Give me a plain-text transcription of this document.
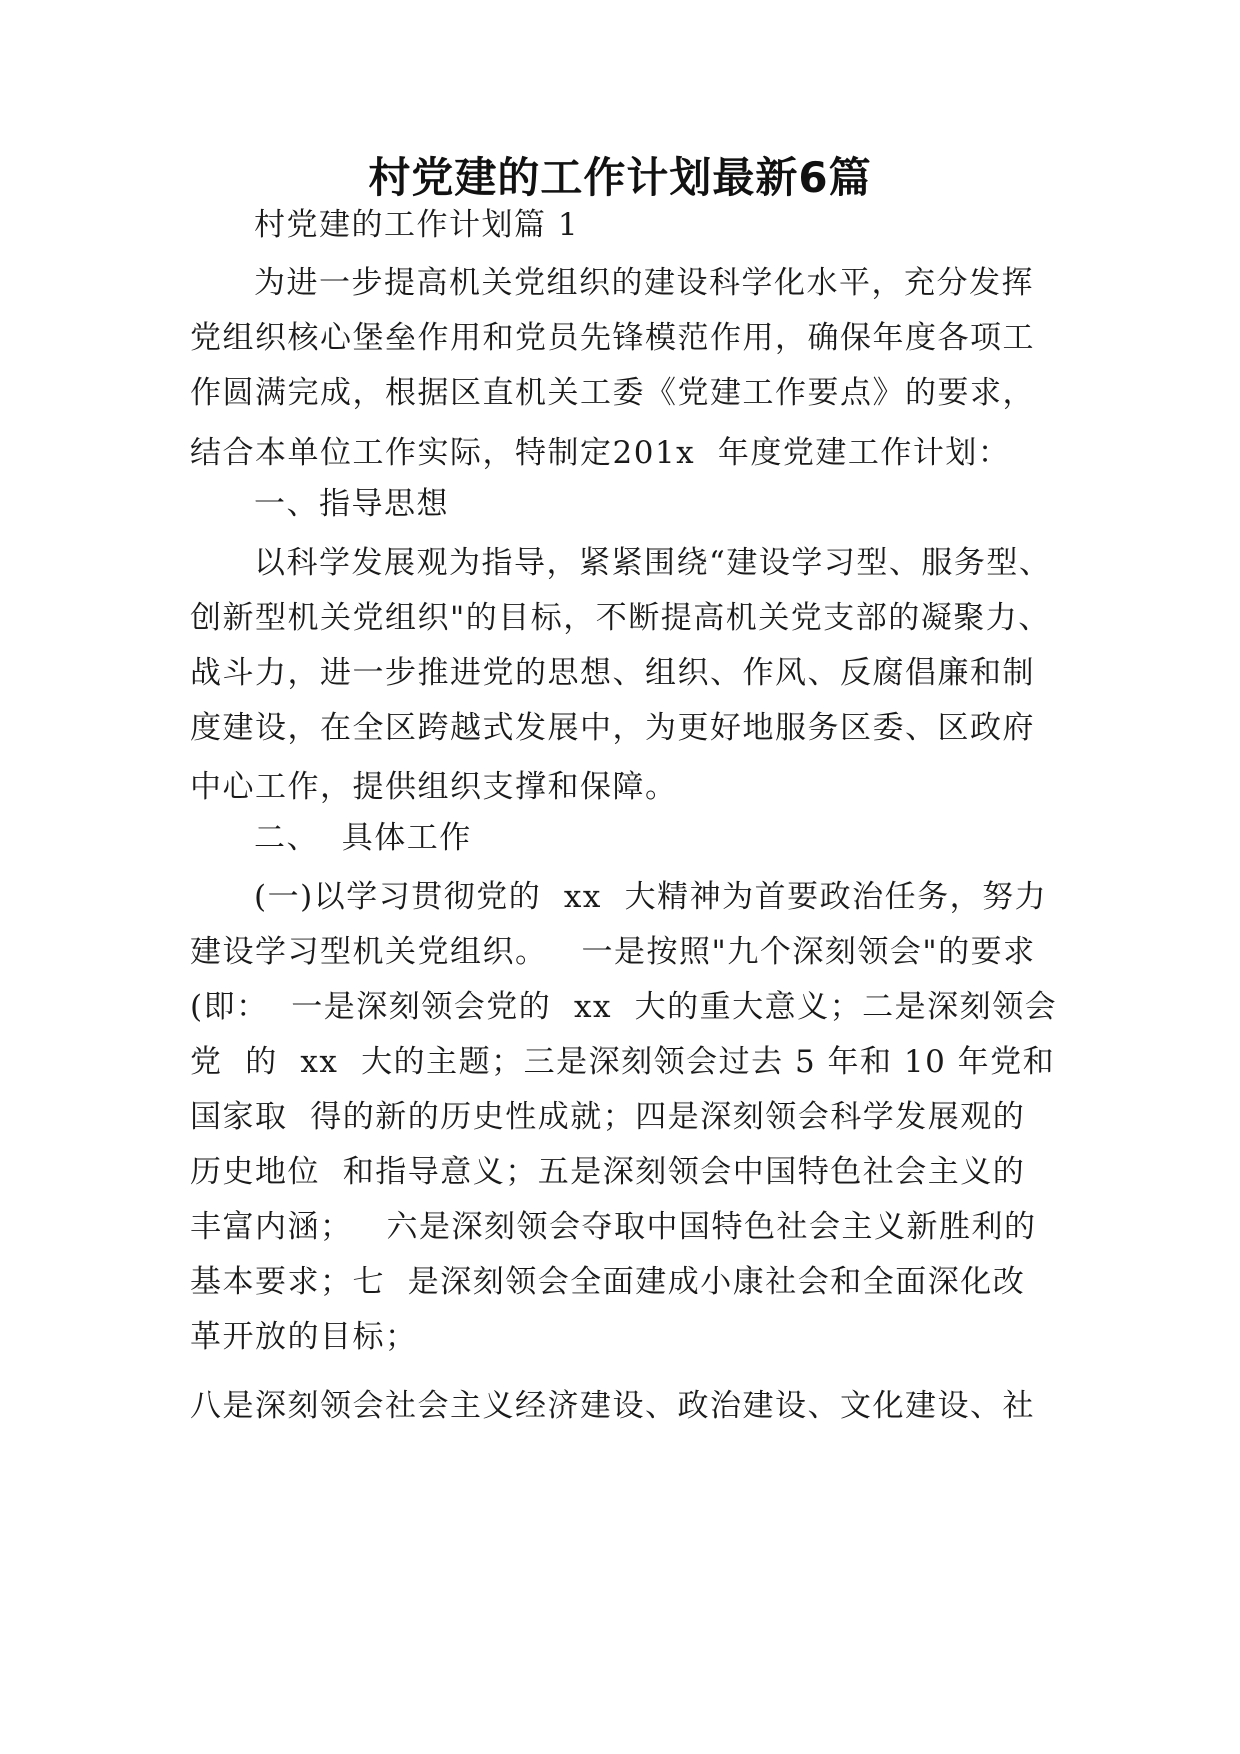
村党建的工作计划最新6篇
村党建的工作计划篇 1
为进一步提高机关党组织的建设科学化水平，充分发挥
党组织核心堡垒作用和党员先锋模范作用，确保年度各项工
作圆满完成，根据区直机关工委《党建工作要点》的要求，
结合本单位工作实际，特制定201x  年度党建工作计划：
一、指导思想
以科学发展观为指导，紧紧围绕“建设学习型、服务型、
创新型机关党组织"的目标，不断提高机关党支部的凝聚力、
战斗力，进一步推进党的思想、组织、作风、反腐倡廉和制
度建设，在全区跨越式发展中，为更好地服务区委、区政府
中心工作，提供组织支撑和保障。
二、  具体工作
(一)以学习贯彻党的  xx  大精神为首要政治任务，努力
建设学习型机关党组织。   一是按照"九个深刻领会"的要求
(即：  一是深刻领会党的  xx  大的重大意义；二是深刻领会
党  的  xx  大的主题；三是深刻领会过去 5 年和 10 年党和
国家取  得的新的历史性成就；四是深刻领会科学发展观的
历史地位  和指导意义；五是深刻领会中国特色社会主义的
丰富内涵；   六是深刻领会夺取中国特色社会主义新胜利的
基本要求；七  是深刻领会全面建成小康社会和全面深化改
革开放的目标；
八是深刻领会社会主义经济建设、政治建设、文化建设、社
